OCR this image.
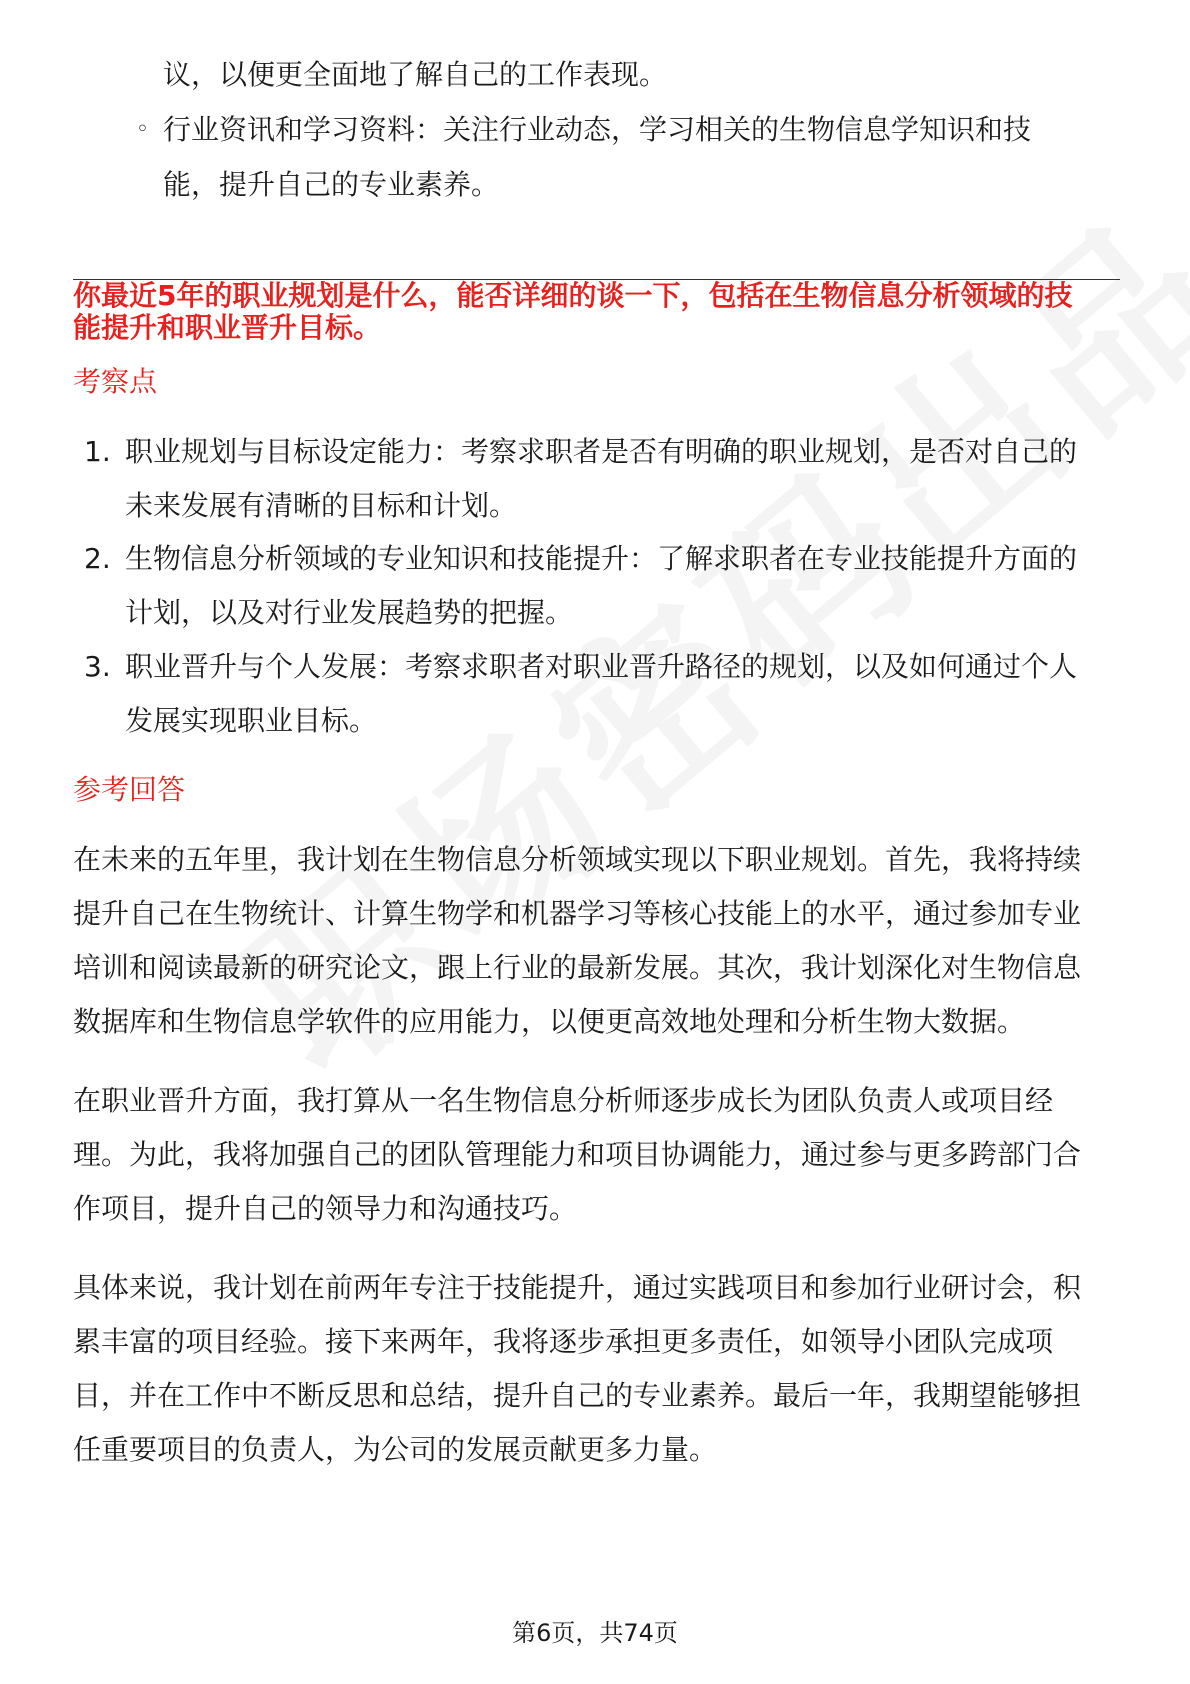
议，以便更全面地了解自己的工作表现。
◦ 行业资讯和学习资料：关注行业动态，学习相关的生物信息学知识和技
能，提升自己的专业素养。
你最近5年的职业规划是什么，能否详细的谈一下，包括在生物信息分析领域的技
能提升和职业晋升目标。
考察点
1. 职业规划与目标设定能力：考察求职者是否有明确的职业规划，是否对自己的
未来发展有清晰的目标和计划。
2. 生物信息分析领域的专业知识和技能提升：了解求职者在专业技能提升方面的
计划，以及对行业发展趋势的把握。
3. 职业晋升与个人发展：考察求职者对职业晋升路径的规划，以及如何通过个人
发展实现职业目标。
参考回答
在未来的五年里，我计划在生物信息分析领域实现以下职业规划。首先，我将持续
提升自己在生物统计、计算生物学和机器学习等核心技能上的水平，通过参加专业
培训和阅读最新的研究论文，跟上行业的最新发展。其次，我计划深化对生物信息
数据库和生物信息学软件的应用能力，以便更高效地处理和分析生物大数据。
在职业晋升方面，我打算从一名生物信息分析师逐步成长为团队负责人或项目经
理。为此，我将加强自己的团队管理能力和项目协调能力，通过参与更多跨部门合
作项目，提升自己的领导力和沟通技巧。
具体来说，我计划在前两年专注于技能提升，通过实践项目和参加行业研讨会，积
累丰富的项目经验。接下来两年，我将逐步承担更多责任，如领导小团队完成项
目，并在工作中不断反思和总结，提升自己的专业素养。最后一年，我期望能够担
任重要项目的负责人，为公司的发展贡献更多力量。
第6页，共74页
